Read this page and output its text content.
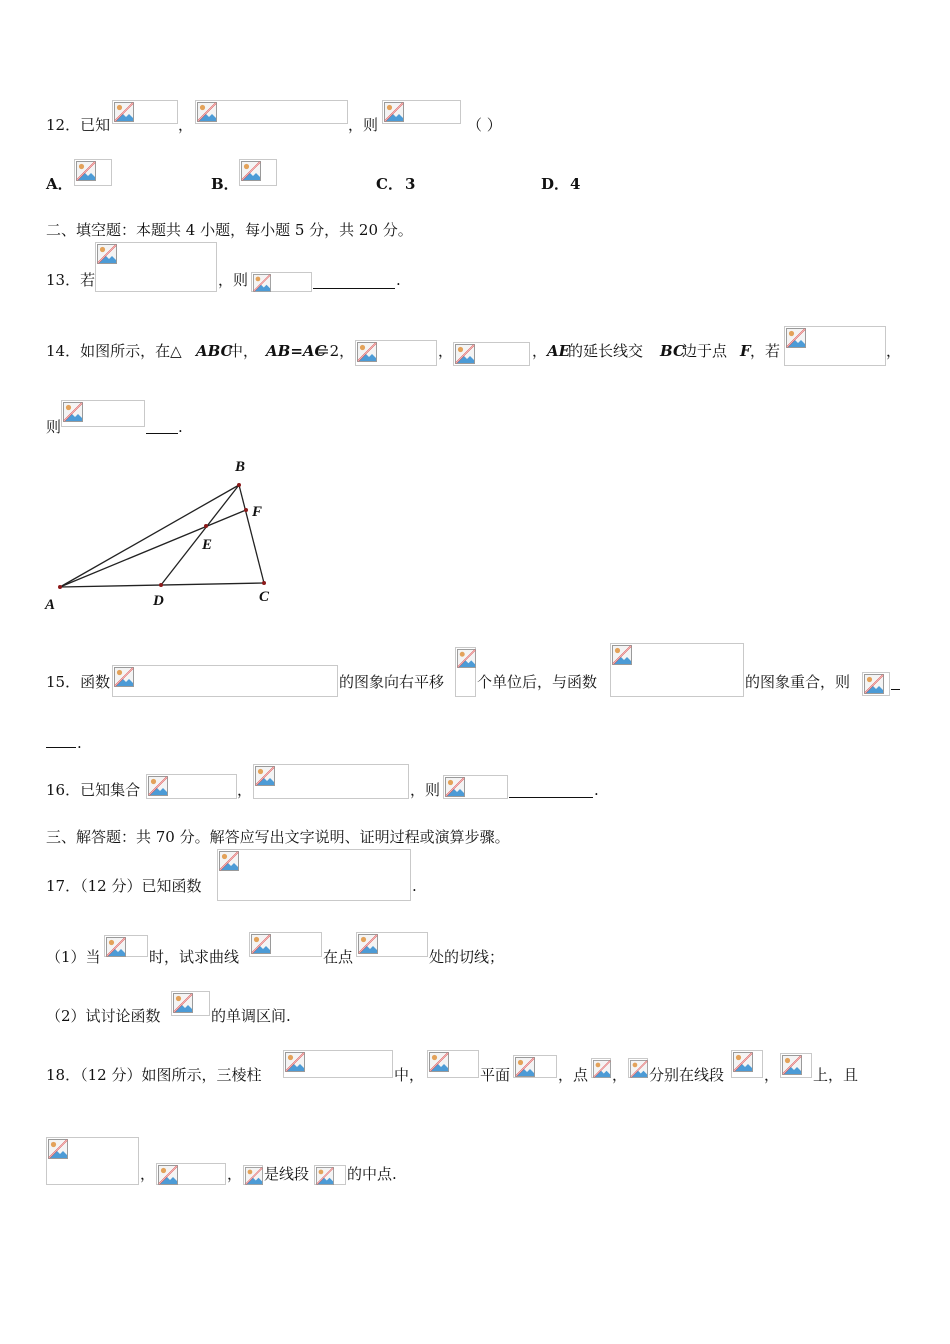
12．已知	，	，则	（ ）
A．	B．	C． 3	D． 4
二、填空题：本题共 4 小题，每小题 5 分，共 20 分。
13．若	，则	.
14．如图所示，在△ ABC
中， AB=AC
=2，	，	， AE
的延长线交 BC
边于点 F ，若	，
则	.
B
F
E
A	D	C
15．函数	的图象向右平移 个单位后，与函数	的图象重合，则
.
16．已知集合	，	，则	.
三、解答题：共 70 分。解答应写出文字说明、证明过程或演算步骤。
17．（12 分）已知函数	.
（1）当	时，试求曲线	在点	处的切线；
（2）试讨论函数	的单调区间.
18．（12 分）如图所示，三棱柱	中，	平面	，点 ， 分别在线段	， 上，且
，	， 是线段	的中点.
